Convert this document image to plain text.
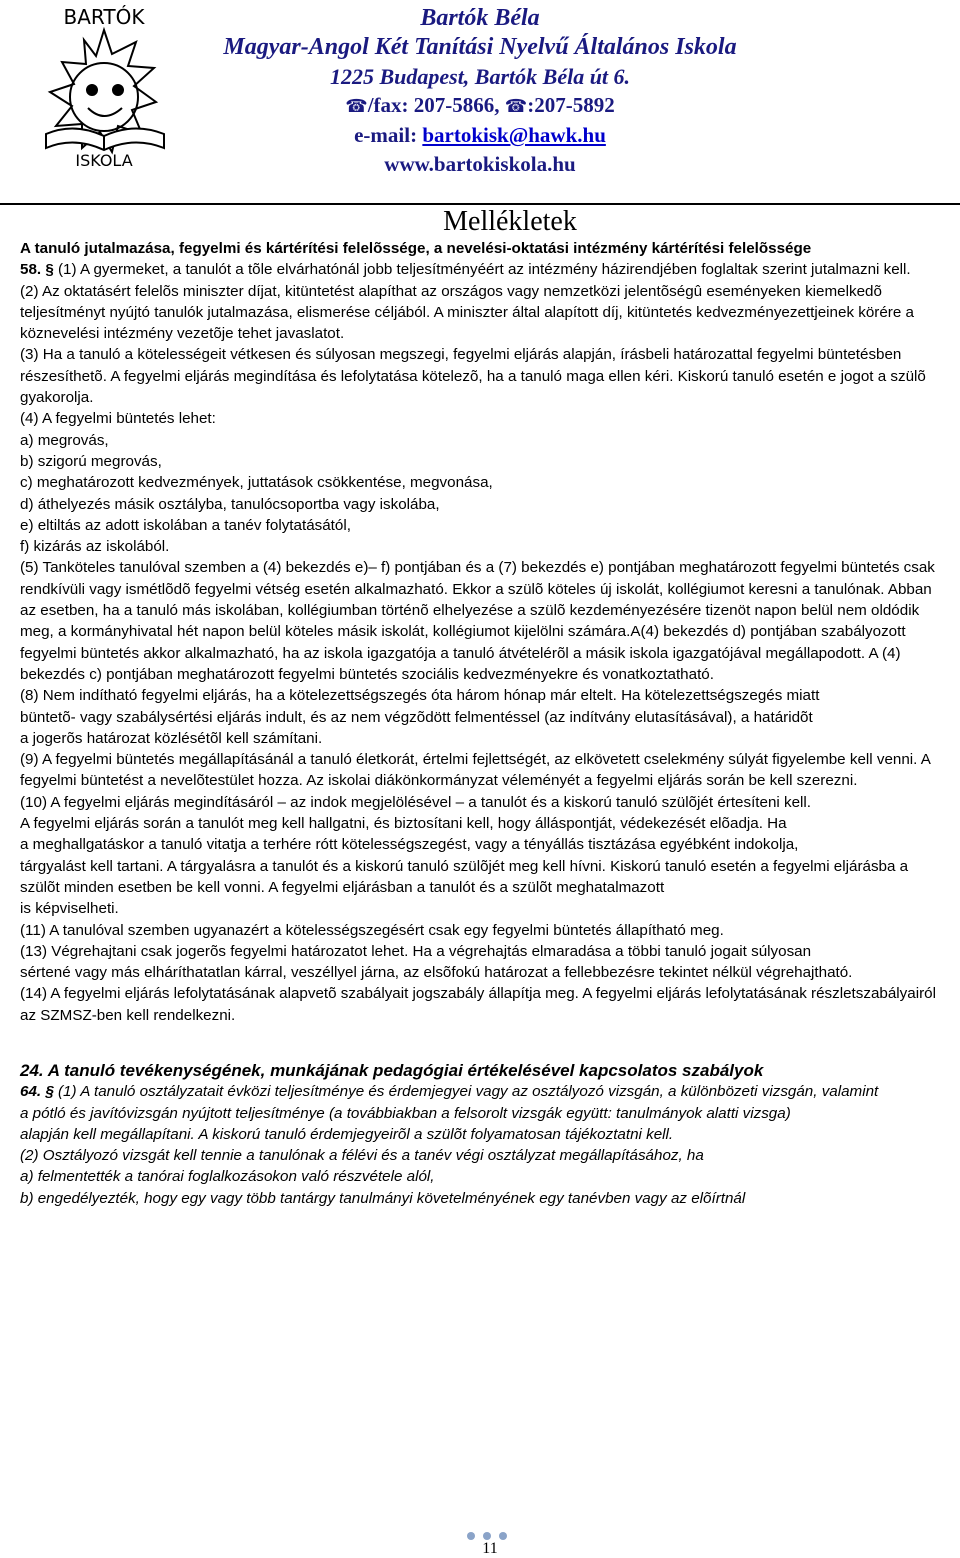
BARTÓK
ISKOLA
Bartók Béla
Magyar-Angol Két Tanítási Nyelvű Általános Iskola
1225 Budapest, Bartók Béla út 6.
☎/fax: 207-5866, ☎:207-5892
e-mail: bartokisk@hawk.hu
www.bartokiskola.hu
Mellékletek

A tanuló jutalmazása, fegyelmi és kártérítési felelõssége, a nevelési-oktatási intézmény kártérítési felelõssége

58. § (1) A gyermeket, a tanulót a tõle elvárhatónál jobb teljesítményéért az intézmény házirendjében foglaltak szerint jutalmazni kell.

(2) Az oktatásért felelõs miniszter díjat, kitüntetést alapíthat az országos vagy nemzetközi jelentõségû eseményeken kiemelkedõ teljesítményt nyújtó tanulók jutalmazása, elismerése céljából. A miniszter által alapított díj, kitüntetés kedvezményezettjeinek körére a köznevelési intézmény vezetõje tehet javaslatot.

(3) Ha a tanuló a kötelességeit vétkesen és súlyosan megszegi, fegyelmi eljárás alapján, írásbeli határozattal fegyelmi büntetésben részesíthetõ. A fegyelmi eljárás megindítása és lefolytatása kötelezõ, ha a tanuló maga ellen kéri. Kiskorú tanuló esetén e jogot a szülõ gyakorolja.

(4) A fegyelmi büntetés lehet:

a) megrovás,

b) szigorú megrovás,

c) meghatározott kedvezmények, juttatások csökkentése, megvonása,

d) áthelyezés másik osztályba, tanulócsoportba vagy iskolába,

e) eltiltás az adott iskolában a tanév folytatásától,

f) kizárás az iskolából.

(5) Tanköteles tanulóval szemben a (4) bekezdés e)– f) pontjában és a (7) bekezdés e) pontjában meghatározott fegyelmi büntetés csak rendkívüli vagy ismétlõdõ fegyelmi vétség esetén alkalmazható. Ekkor a szülõ köteles új iskolát, kollégiumot keresni a tanulónak. Abban az esetben, ha a tanuló más iskolában, kollégiumban történõ elhelyezése a szülõ kezdeményezésére tizenöt napon belül nem oldódik meg, a kormányhivatal hét napon belül köteles másik iskolát, kollégiumot kijelölni számára.A(4) bekezdés d) pontjában szabályozott fegyelmi büntetés akkor alkalmazható, ha az iskola igazgatója a tanuló átvételérõl a másik iskola igazgatójával megállapodott. A (4) bekezdés c) pontjában meghatározott fegyelmi büntetés szociális kedvezményekre és vonatkoztatható.

(8) Nem indítható fegyelmi eljárás, ha a kötelezettségszegés óta három hónap már eltelt. Ha kötelezettségszegés miatt

büntetõ- vagy szabálysértési eljárás indult, és az nem végzõdött felmentéssel (az indítvány elutasításával), a határidõt

a jogerõs határozat közlésétõl kell számítani.

(9) A fegyelmi büntetés megállapításánál a tanuló életkorát, értelmi fejlettségét, az elkövetett cselekmény súlyát figyelembe kell venni. A fegyelmi büntetést a nevelõtestület hozza. Az iskolai diákönkormányzat véleményét a fegyelmi eljárás során be kell szerezni.

(10) A fegyelmi eljárás megindításáról – az indok megjelölésével – a tanulót és a kiskorú tanuló szülõjét értesíteni kell.

A fegyelmi eljárás során a tanulót meg kell hallgatni, és biztosítani kell, hogy álláspontját, védekezését elõadja. Ha

a meghallgatáskor a tanuló vitatja a terhére rótt kötelességszegést, vagy a tényállás tisztázása egyébként indokolja,

tárgyalást kell tartani. A tárgyalásra a tanulót és a kiskorú tanuló szülõjét meg kell hívni. Kiskorú tanuló esetén a fegyelmi eljárásba a szülõt minden esetben be kell vonni. A fegyelmi eljárásban a tanulót és a szülõt meghatalmazott

is képviselheti.

(11) A tanulóval szemben ugyanazért a kötelességszegésért csak egy fegyelmi büntetés állapítható meg.

(13) Végrehajtani csak jogerõs fegyelmi határozatot lehet. Ha a végrehajtás elmaradása a többi tanuló jogait súlyosan

sértené vagy más elháríthatatlan kárral, veszéllyel járna, az elsõfokú határozat a fellebbezésre tekintet nélkül végrehajtható.

(14) A fegyelmi eljárás lefolytatásának alapvetõ szabályait jogszabály állapítja meg. A fegyelmi eljárás lefolytatásának részletszabályairól az SZMSZ-ben kell rendelkezni.

24. A tanuló tevékenységének, munkájának pedagógiai értékelésével kapcsolatos szabályok

64. § (1) A tanuló osztályzatait évközi teljesítménye és érdemjegyei vagy az osztályozó vizsgán, a különbözeti vizsgán, valamint

a pótló és javítóvizsgán nyújtott teljesítménye (a továbbiakban a felsorolt vizsgák együtt: tanulmányok alatti vizsga)

alapján kell megállapítani. A kiskorú tanuló érdemjegyeirõl a szülõt folyamatosan tájékoztatni kell.

(2) Osztályozó vizsgát kell tennie a tanulónak a félévi és a tanév végi osztályzat megállapításához, ha

a) felmentették a tanórai foglalkozásokon való részvétele alól,

b) engedélyezték, hogy egy vagy több tantárgy tanulmányi követelményének egy tanévben vagy az elõírtnál

11
